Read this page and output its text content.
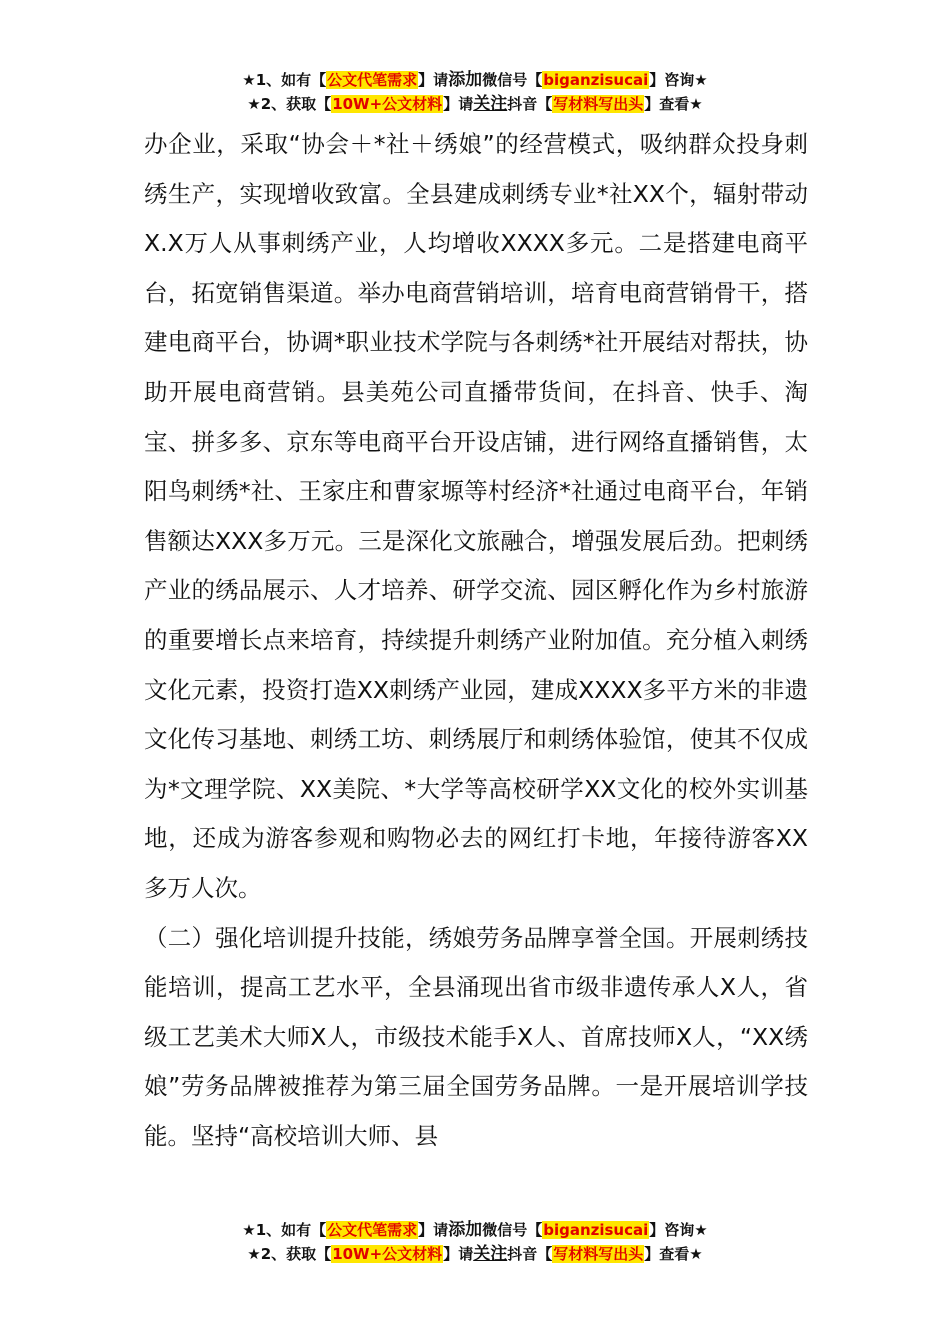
★1、如有【公文代笔需求】请添加微信号【biganzisucai】咨询★
★2、获取【10W+公文材料】请关注抖音【写材料写出头】查看★

办企业，采取“协会＋*社＋绣娘”的经营模式，吸纳群众投身刺绣生产，实现增收致富。全县建成刺绣专业*社XX个，辐射带动X.X万人从事刺绣产业，人均增收XXXX多元。二是搭建电商平台，拓宽销售渠道。举办电商营销培训，培育电商营销骨干，搭建电商平台，协调*职业技术学院与各刺绣*社开展结对帮扶，协助开展电商营销。县美苑公司直播带货间，在抖音、快手、淘宝、拼多多、京东等电商平台开设店铺，进行网络直播销售，太阳鸟刺绣*社、王家庄和曹家塬等村经济*社通过电商平台，年销售额达XXX多万元。三是深化文旅融合，增强发展后劲。把刺绣产业的绣品展示、人才培养、研学交流、园区孵化作为乡村旅游的重要增长点来培育，持续提升刺绣产业附加值。充分植入刺绣文化元素，投资打造XX刺绣产业园，建成XXXX多平方米的非遗文化传习基地、刺绣工坊、刺绣展厅和刺绣体验馆，使其不仅成为*文理学院、XX美院、*大学等高校研学XX文化的校外实训基地，还成为游客参观和购物必去的网红打卡地，年接待游客XX多万人次。

（二）强化培训提升技能，绣娘劳务品牌享誉全国。开展刺绣技能培训，提高工艺水平，全县涌现出省市级非遗传承人X人，省级工艺美术大师X人，市级技术能手X人、首席技师X人，“XX绣娘”劳务品牌被推荐为第三届全国劳务品牌。一是开展培训学技能。坚持“高校培训大师、县

★1、如有【公文代笔需求】请添加微信号【biganzisucai】咨询★
★2、获取【10W+公文材料】请关注抖音【写材料写出头】查看★
